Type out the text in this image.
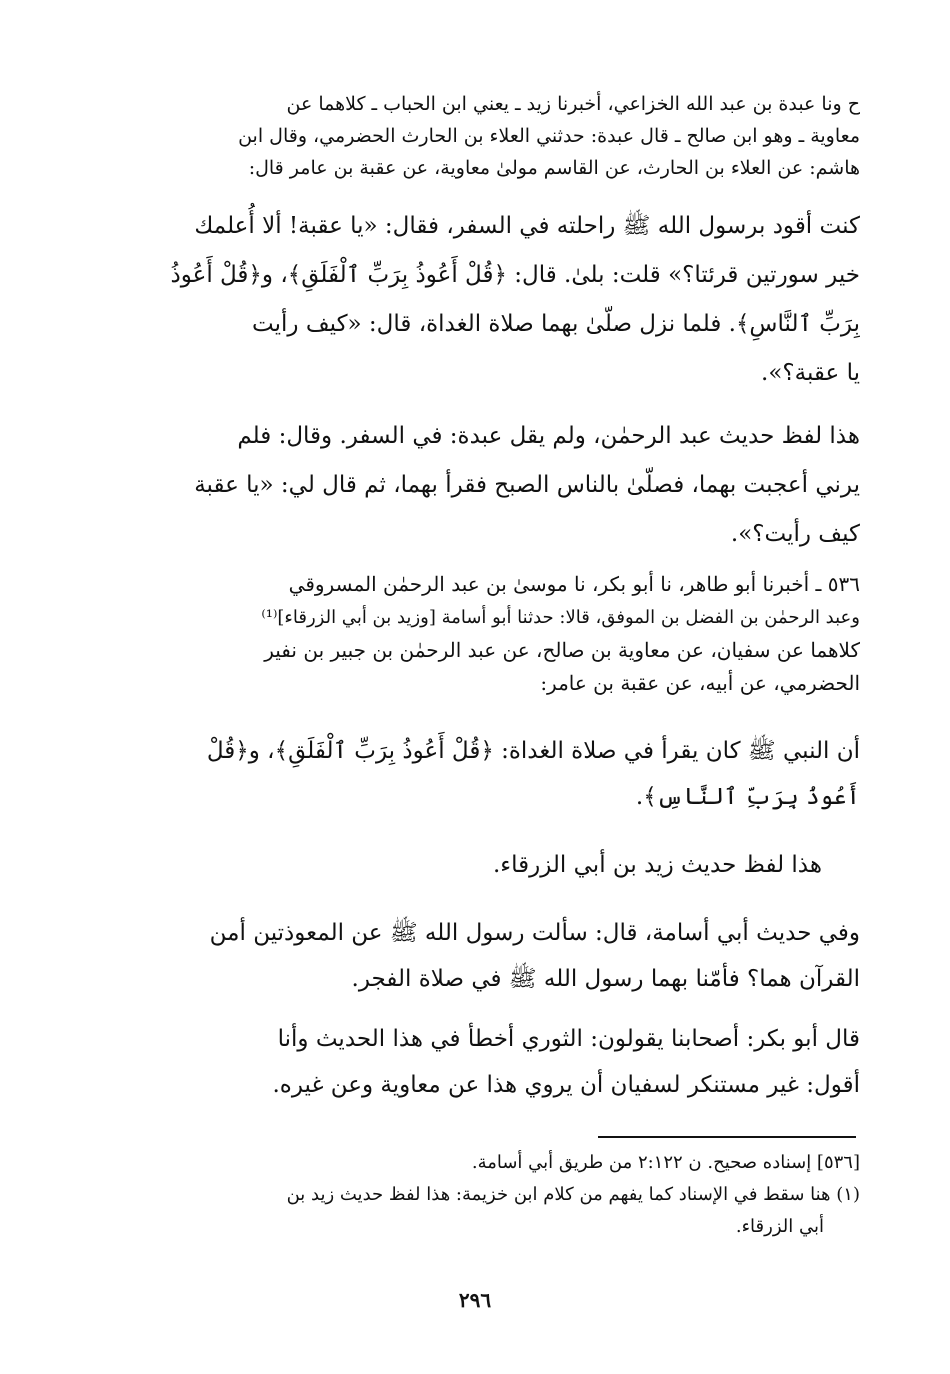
ح ونا عبدة بن عبد الله الخزاعي، أخبرنا زيد ـ يعني ابن الحباب ـ كلاهما عن
معاوية ـ وهو ابن صالح ـ قال عبدة: حدثني العلاء بن الحارث الحضرمي، وقال ابن
هاشم: عن العلاء بن الحارث، عن القاسم مولىٰ معاوية، عن عقبة بن عامر قال:

كنت أقود برسول الله ﷺ راحلته في السفر، فقال: «يا عقبة! ألا أُعلمك
خير سورتين قرئتا؟» قلت: بلىٰ. قال: ﴿قُلْ أَعُوذُ بِرَبِّ ٱلْفَلَقِ﴾، و﴿قُلْ أَعُوذُ
بِرَبِّ ٱلنَّاسِ﴾. فلما نزل صلّىٰ بهما صلاة الغداة، قال: «كيف رأيت
يا عقبة؟».

هذا لفظ حديث عبد الرحمٰن، ولم يقل عبدة: في السفر. وقال: فلم
يرني أعجبت بهما، فصلّىٰ بالناس الصبح فقرأ بهما، ثم قال لي: «يا عقبة
كيف رأيت؟».

٥٣٦ ـ أخبرنا أبو طاهر، نا أبو بكر، نا موسىٰ بن عبد الرحمٰن المسروقي
وعبد الرحمٰن بن الفضل بن الموفق، قالا: حدثنا أبو أسامة [وزيد بن أبي الزرقاء]⁽¹⁾
كلاهما عن سفيان، عن معاوية بن صالح، عن عبد الرحمٰن بن جبير بن نفير
الحضرمي، عن أبيه، عن عقبة بن عامر:

أن النبي ﷺ كان يقرأ في صلاة الغداة: ﴿قُلْ أَعُوذُ بِرَبِّ ٱلْفَلَقِ﴾، و﴿قُلْ
أَعُوذُ بِرَبِّ ٱلنَّاسِ﴾.

هذا لفظ حديث زيد بن أبي الزرقاء.

وفي حديث أبي أسامة، قال: سألت رسول الله ﷺ عن المعوذتين أمن
القرآن هما؟ فأمّنا بهما رسول الله ﷺ في صلاة الفجر.

قال أبو بكر: أصحابنا يقولون: الثوري أخطأ في هذا الحديث وأنا
أقول: غير مستنكر لسفيان أن يروي هذا عن معاوية وعن غيره.

[٥٣٦] إسناده صحيح. ن ٢:١٢٢ من طريق أبي أسامة.
(١) هنا سقط في الإسناد كما يفهم من كلام ابن خزيمة: هذا لفظ حديث زيد بن
أبي الزرقاء.
٢٩٦
